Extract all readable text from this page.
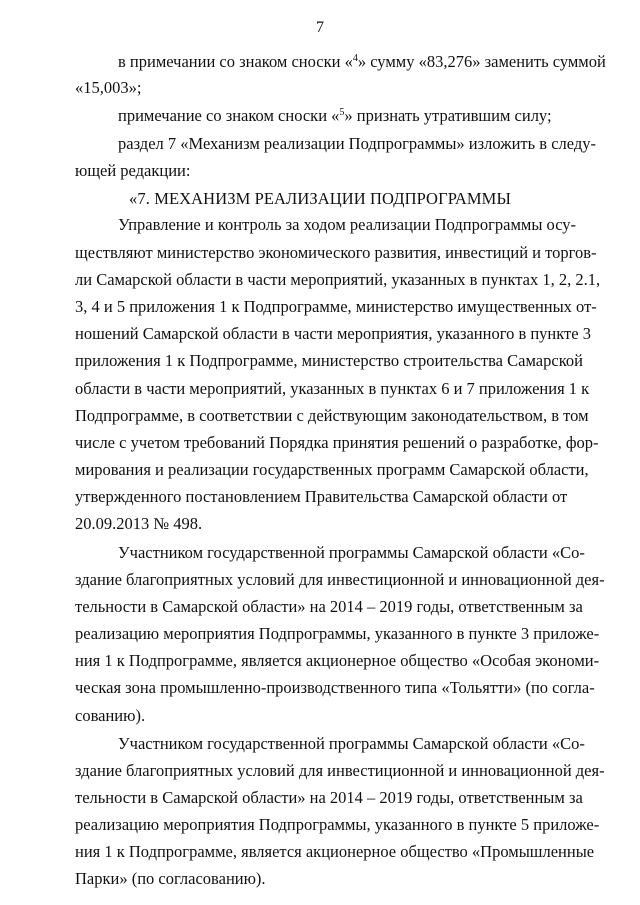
7
в примечании со знаком сноски «$^4$» сумму «83,276» заменить суммой
«15,003»;
примечание со знаком сноски «$^5$» признать утратившим силу;
раздел 7 «Механизм реализации Подпрограммы» изложить в следу-
ющей редакции:
«7. МЕХАНИЗМ РЕАЛИЗАЦИИ ПОДПРОГРАММЫ
Управление и контроль за ходом реализации Подпрограммы осу-
ществляют министерство экономического развития, инвестиций и торгов-
ли Самарской области в части мероприятий, указанных в пунктах 1, 2, 2.1,
3, 4 и 5 приложения 1 к Подпрограмме, министерство имущественных от-
ношений Самарской области в части мероприятия, указанного в пункте 3
приложения 1 к Подпрограмме, министерство строительства Самарской
области в части мероприятий, указанных в пунктах 6 и 7 приложения 1 к
Подпрограмме, в соответствии с действующим законодательством, в том
числе с учетом требований Порядка принятия решений о разработке, фор-
мирования и реализации государственных программ Самарской области,
утвержденного постановлением Правительства Самарской области от
20.09.2013 № 498.
Участником государственной программы Самарской области «Со-
здание благоприятных условий для инвестиционной и инновационной дея-
тельности в Самарской области» на 2014 – 2019 годы, ответственным за
реализацию мероприятия Подпрограммы, указанного в пункте 3 приложе-
ния 1 к Подпрограмме, является акционерное общество «Особая экономи-
ческая зона промышленно-производственного типа «Тольятти» (по согла-
сованию).
Участником государственной программы Самарской области «Со-
здание благоприятных условий для инвестиционной и инновационной дея-
тельности в Самарской области» на 2014 – 2019 годы, ответственным за
реализацию мероприятия Подпрограммы, указанного в пункте 5 приложе-
ния 1 к Подпрограмме, является акционерное общество «Промышленные
Парки» (по согласованию).
